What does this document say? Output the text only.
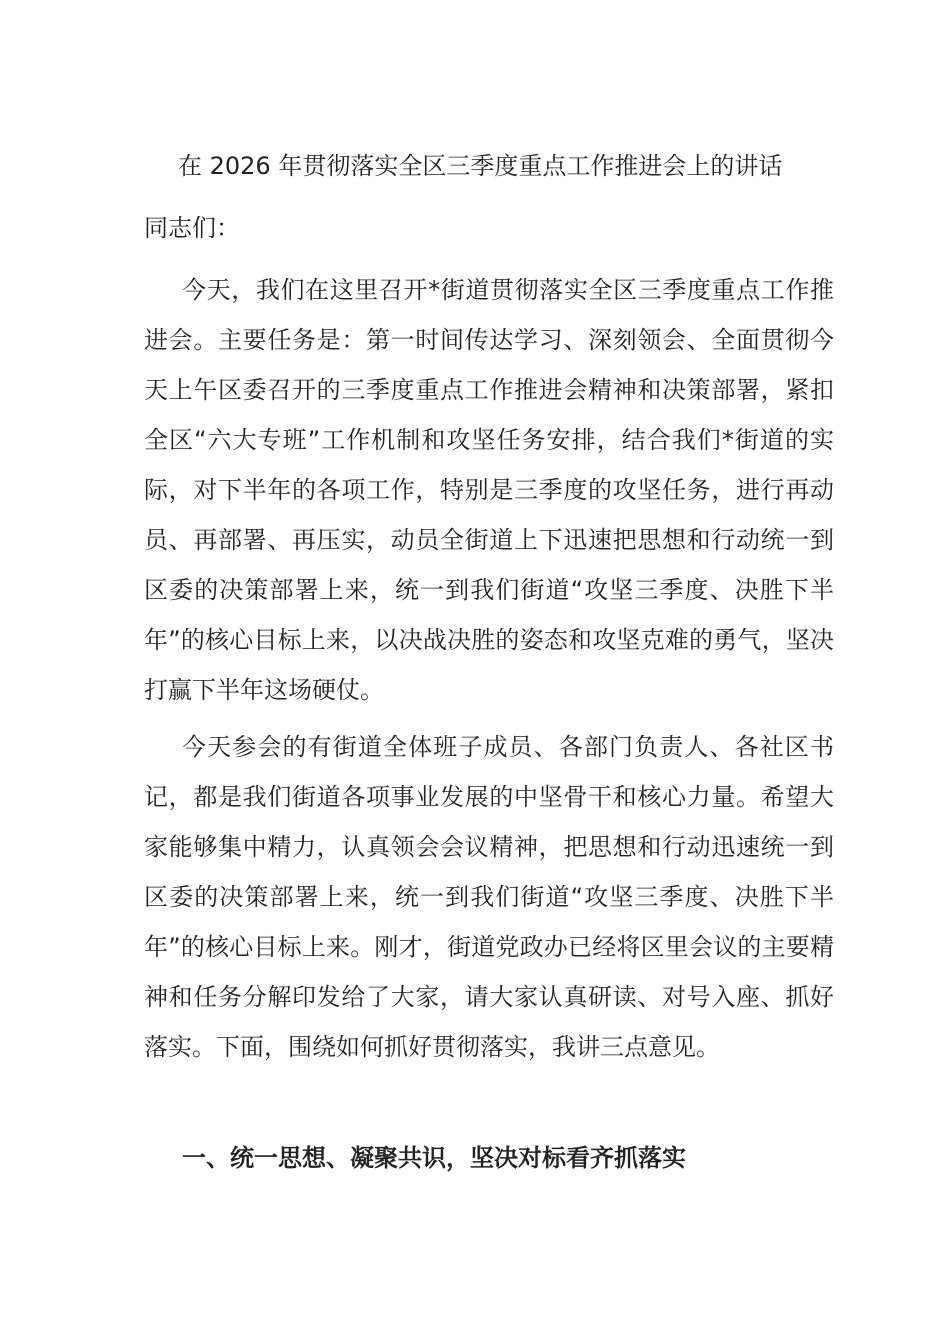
在 2026 年贯彻落实全区三季度重点工作推进会上的讲话
同志们：

今天，我们在这里召开*街道贯彻落实全区三季度重点工作推进会。主要任务是：第一时间传达学习、深刻领会、全面贯彻今天上午区委召开的三季度重点工作推进会精神和决策部署，紧扣全区“六大专班”工作机制和攻坚任务安排，结合我们*街道的实际，对下半年的各项工作，特别是三季度的攻坚任务，进行再动员、再部署、再压实，动员全街道上下迅速把思想和行动统一到区委的决策部署上来，统一到我们街道“攻坚三季度、决胜下半年”的核心目标上来，以决战决胜的姿态和攻坚克难的勇气，坚决打赢下半年这场硬仗。

今天参会的有街道全体班子成员、各部门负责人、各社区书记，都是我们街道各项事业发展的中坚骨干和核心力量。希望大家能够集中精力，认真领会会议精神，把思想和行动迅速统一到区委的决策部署上来，统一到我们街道“攻坚三季度、决胜下半年”的核心目标上来。刚才，街道党政办已经将区里会议的主要精神和任务分解印发给了大家，请大家认真研读、对号入座、抓好落实。下面，围绕如何抓好贯彻落实，我讲三点意见。

一、统一思想、凝聚共识，坚决对标看齐抓落实
